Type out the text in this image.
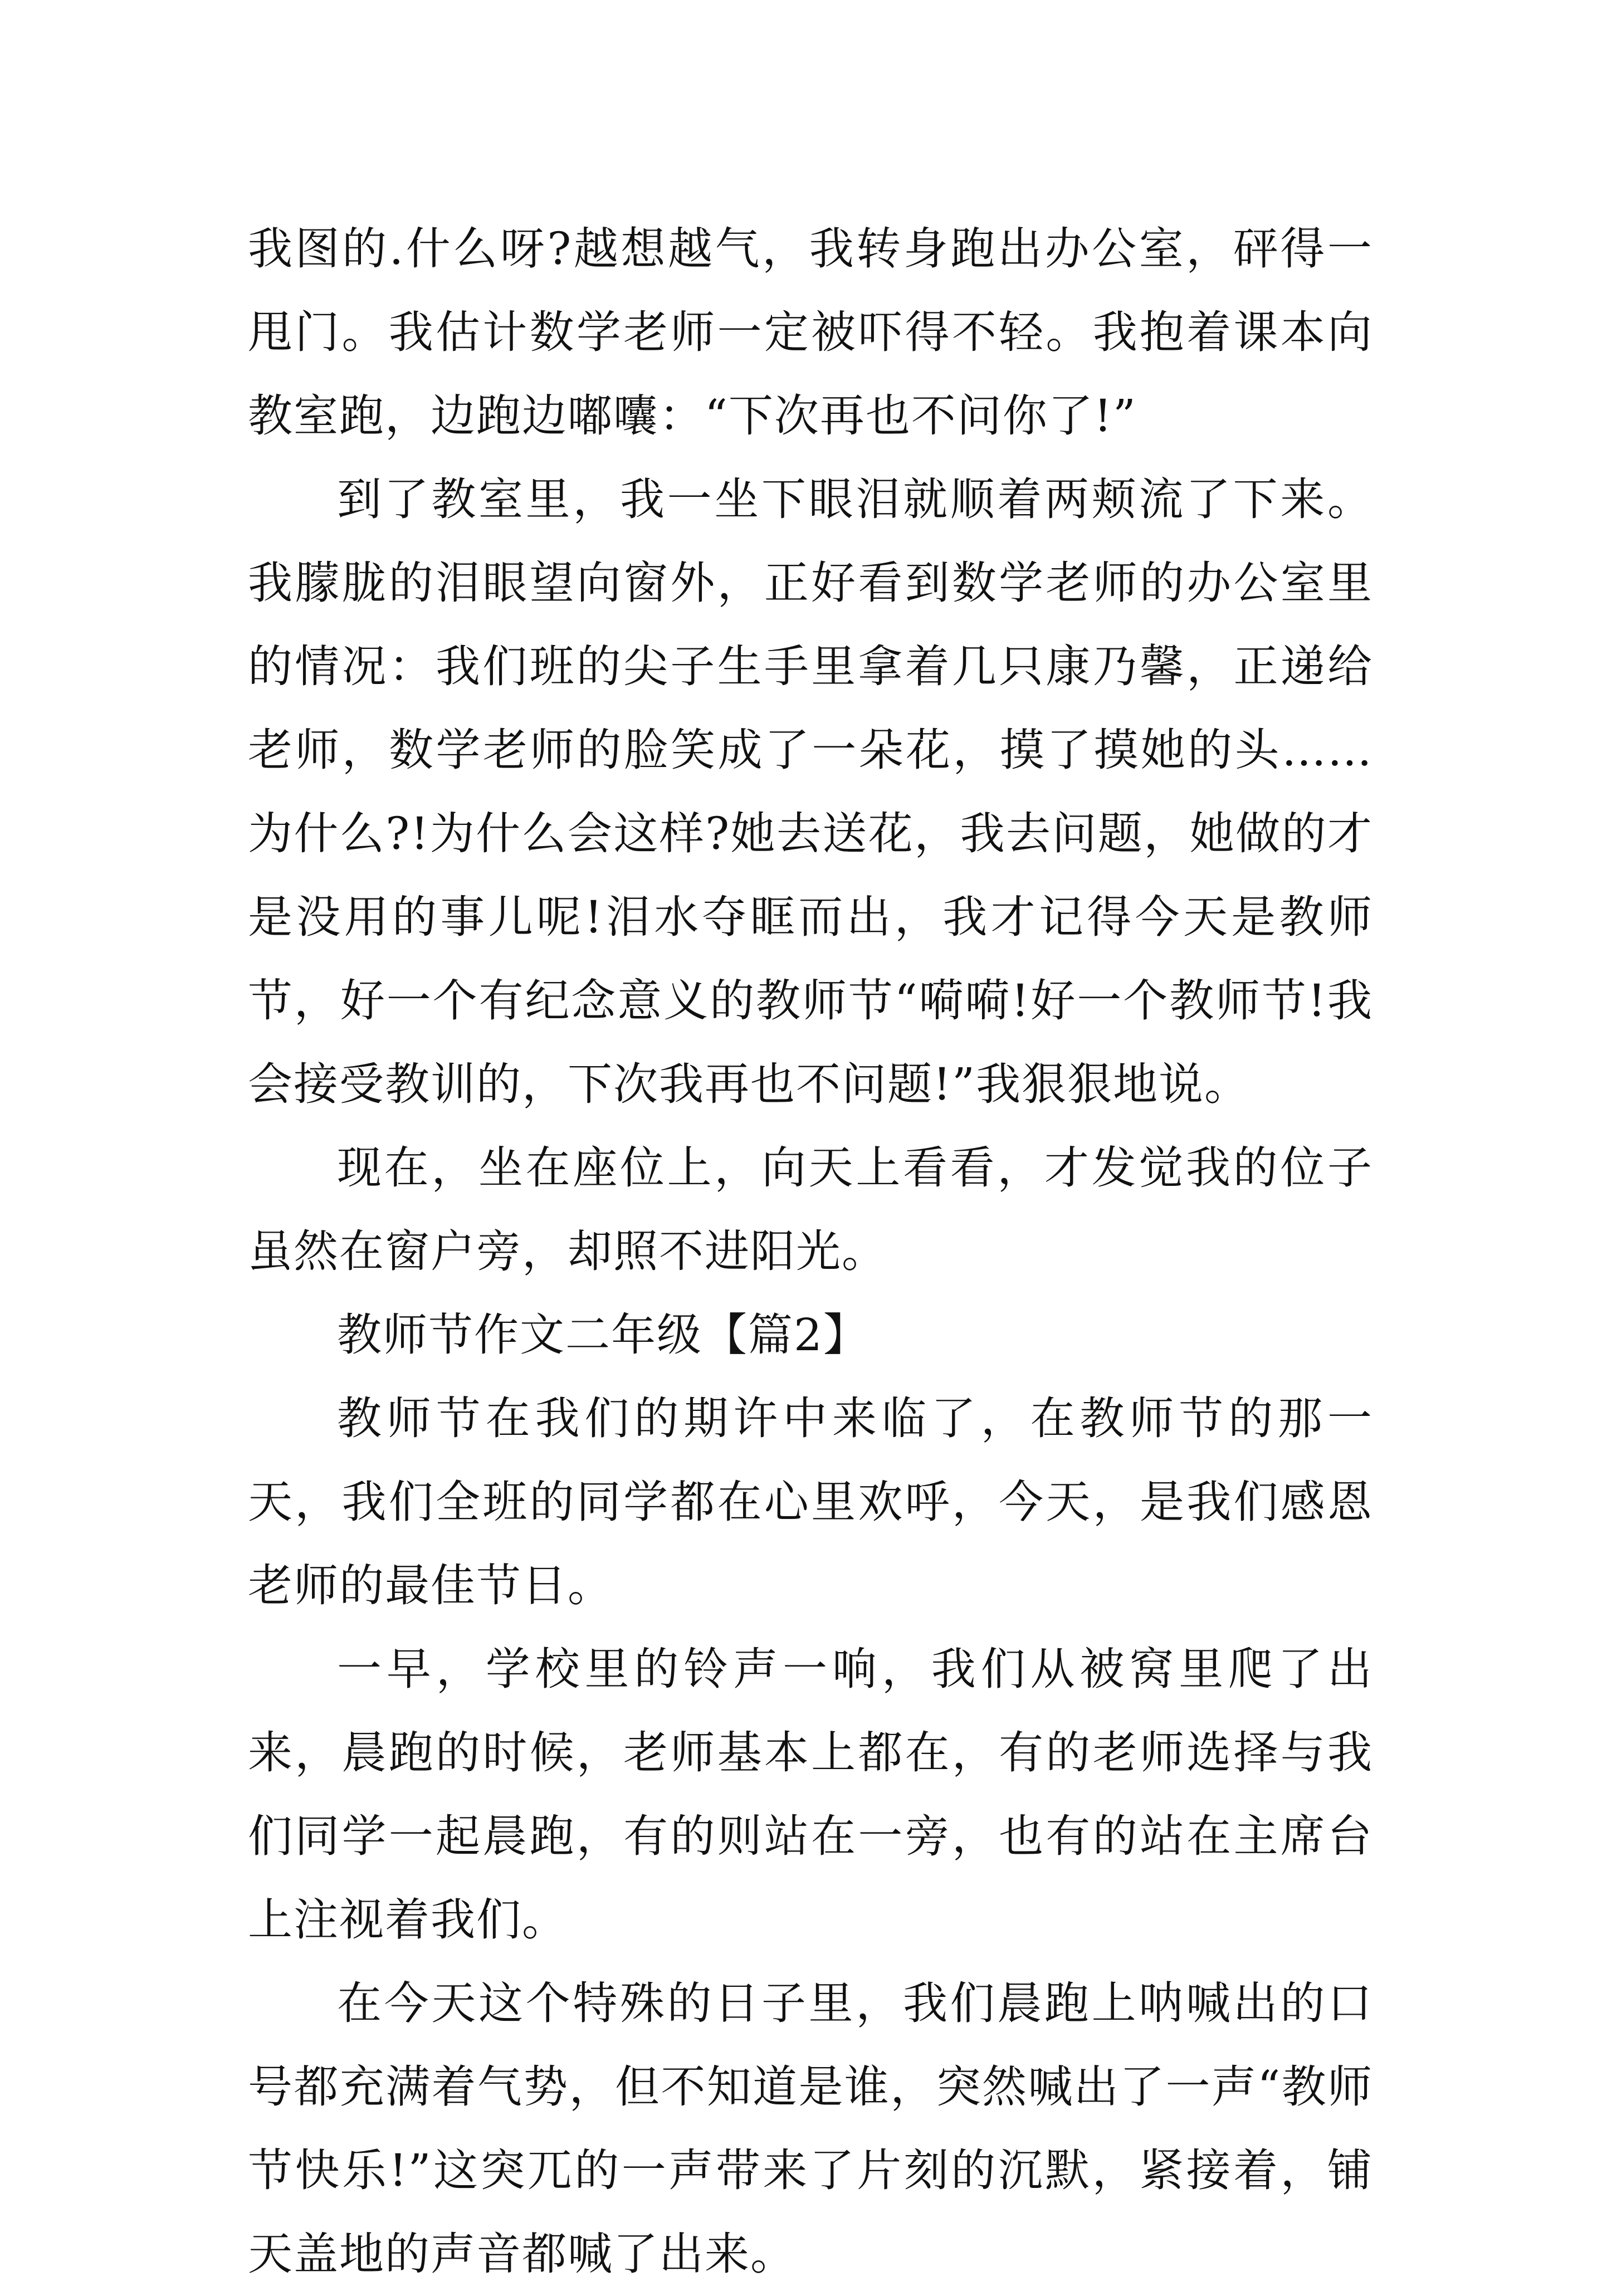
我图的.什么呀?越想越气，我转身跑出办公室，砰得一甩门。我估计数学老师一定被吓得不轻。我抱着课本向教室跑，边跑边嘟囔：“下次再也不问你了!”

到了教室里，我一坐下眼泪就顺着两颊流了下来。我朦胧的泪眼望向窗外，正好看到数学老师的办公室里的情况：我们班的尖子生手里拿着几只康乃馨，正递给老师，数学老师的脸笑成了一朵花，摸了摸她的头……为什么?!为什么会这样?她去送花，我去问题，她做的才是没用的事儿呢!泪水夺眶而出，我才记得今天是教师节，好一个有纪念意义的教师节“嗬嗬!好一个教师节!我会接受教训的，下次我再也不问题!”我狠狠地说。

现在，坐在座位上，向天上看看，才发觉我的位子虽然在窗户旁，却照不进阳光。

教师节作文二年级【篇2】

教师节在我们的期许中来临了，在教师节的那一天，我们全班的同学都在心里欢呼，今天，是我们感恩老师的最佳节日。

一早，学校里的铃声一响，我们从被窝里爬了出来，晨跑的时候，老师基本上都在，有的老师选择与我们同学一起晨跑，有的则站在一旁，也有的站在主席台上注视着我们。

在今天这个特殊的日子里，我们晨跑上呐喊出的口号都充满着气势，但不知道是谁，突然喊出了一声“教师节快乐!”这突兀的一声带来了片刻的沉默，紧接着，铺天盖地的声音都喊了出来。
